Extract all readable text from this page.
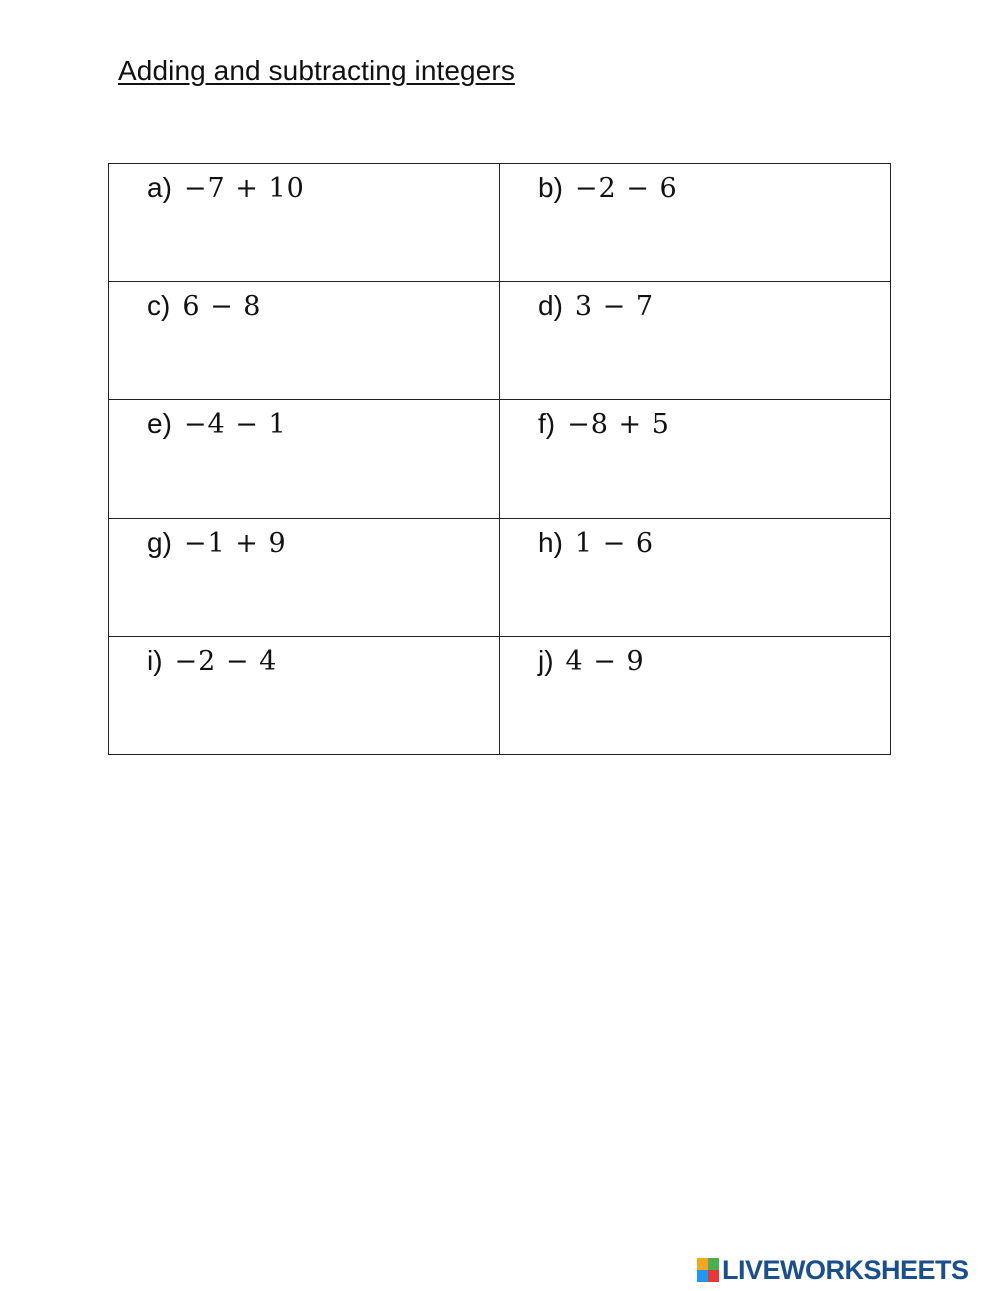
Adding and subtracting integers
a) −7 + 10	b) −2 − 6

c) 6 − 8	d) 3 − 7

e) −4 − 1	f) −8 + 5

g) −1 + 9	h) 1 − 6

i) −2 − 4	j) 4 − 9
LIVEWORKSHEETS
